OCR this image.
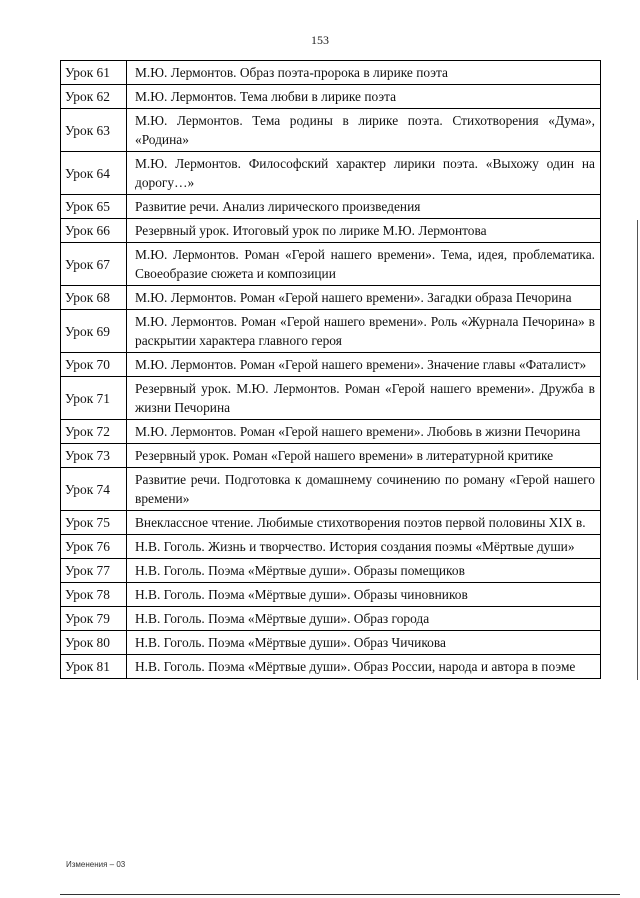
153
Урок 61	М.Ю. Лермонтов. Образ поэта-пророка в лирике поэта
Урок 62	М.Ю. Лермонтов. Тема любви в лирике поэта
Урок 63	М.Ю. Лермонтов. Тема родины в лирике поэта. Стихотворения «Дума», «Родина»
Урок 64	М.Ю. Лермонтов. Философский характер лирики поэта. «Выхожу один на дорогу…»
Урок 65	Развитие речи. Анализ лирического произведения
Урок 66	Резервный урок. Итоговый урок по лирике М.Ю. Лермонтова
Урок 67	М.Ю. Лермонтов. Роман «Герой нашего времени». Тема, идея, проблематика. Своеобразие сюжета и композиции
Урок 68	М.Ю. Лермонтов. Роман «Герой нашего времени». Загадки образа Печорина
Урок 69	М.Ю. Лермонтов. Роман «Герой нашего времени». Роль «Журнала Печорина» в раскрытии характера главного героя
Урок 70	М.Ю. Лермонтов. Роман «Герой нашего времени». Значение главы «Фаталист»
Урок 71	Резервный урок. М.Ю. Лермонтов. Роман «Герой нашего времени». Дружба в жизни Печорина
Урок 72	М.Ю. Лермонтов. Роман «Герой нашего времени». Любовь в жизни Печорина
Урок 73	Резервный урок. Роман «Герой нашего времени» в литературной критике
Урок 74	Развитие речи. Подготовка к домашнему сочинению по роману «Герой нашего времени»
Урок 75	Внеклассное чтение. Любимые стихотворения поэтов первой половины XIX в.
Урок 76	Н.В. Гоголь. Жизнь и творчество. История создания поэмы «Мёртвые души»
Урок 77	Н.В. Гоголь. Поэма «Мёртвые души». Образы помещиков
Урок 78	Н.В. Гоголь. Поэма «Мёртвые души». Образы чиновников
Урок 79	Н.В. Гоголь. Поэма «Мёртвые души». Образ города
Урок 80	Н.В. Гоголь. Поэма «Мёртвые души». Образ Чичикова
Урок 81	Н.В. Гоголь. Поэма «Мёртвые души». Образ России, народа и автора в поэме
Изменения – 03
